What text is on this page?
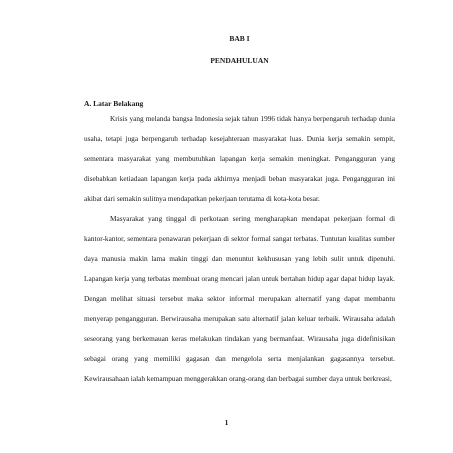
BAB I

PENDAHULUAN

A. Latar Belakang

Krisis yang melanda bangsa Indonesia sejak tahun 1996 tidak hanya berpengaruh terhadap dunia usaha, tetapi juga berpengaruh terhadap kesejahteraan masyarakat luas. Dunia kerja semakin sempit, sementara masyarakat yang membutuhkan lapangan kerja semakin meningkat. Pengangguran yang disebabkan ketiadaan lapangan kerja pada akhirnya menjadi beban masyarakat juga. Pengangguran ini akibat dari semakin sulitnya mendapatkan pekerjaan terutama di kota-kota besar.

Masyarakat yang tinggal di perkotaan sering mengharapkan mendapat pekerjaan formal di kantor-kantor, sementara penawaran pekerjaan di sektor formal sangat terbatas. Tuntutan kualitas sumber daya manusia makin lama makin tinggi dan menuntut kekhususan yang lebih sulit untuk dipenuhi. Lapangan kerja yang terbatas membuat orang mencari jalan untuk bertahan hidup agar dapat hidup layak. Dengan melihat situasi tersebut maka sektor informal merupakan alternatif yang dapat membantu menyerap pengangguran. Berwirausaha merupakan satu alternatif jalan keluar terbaik. Wirausaha adalah seseorang yang berkemauan keras melakukan tindakan yang bermanfaat. Wirausaha juga didefinisikan sebagai orang yang memiliki gagasan dan mengelola serta menjalankan gagasannya tersebut. Kewirausahaan ialah kemampuan menggerakkan orang-orang dan berbagai sumber daya untuk berkreasi,

1
